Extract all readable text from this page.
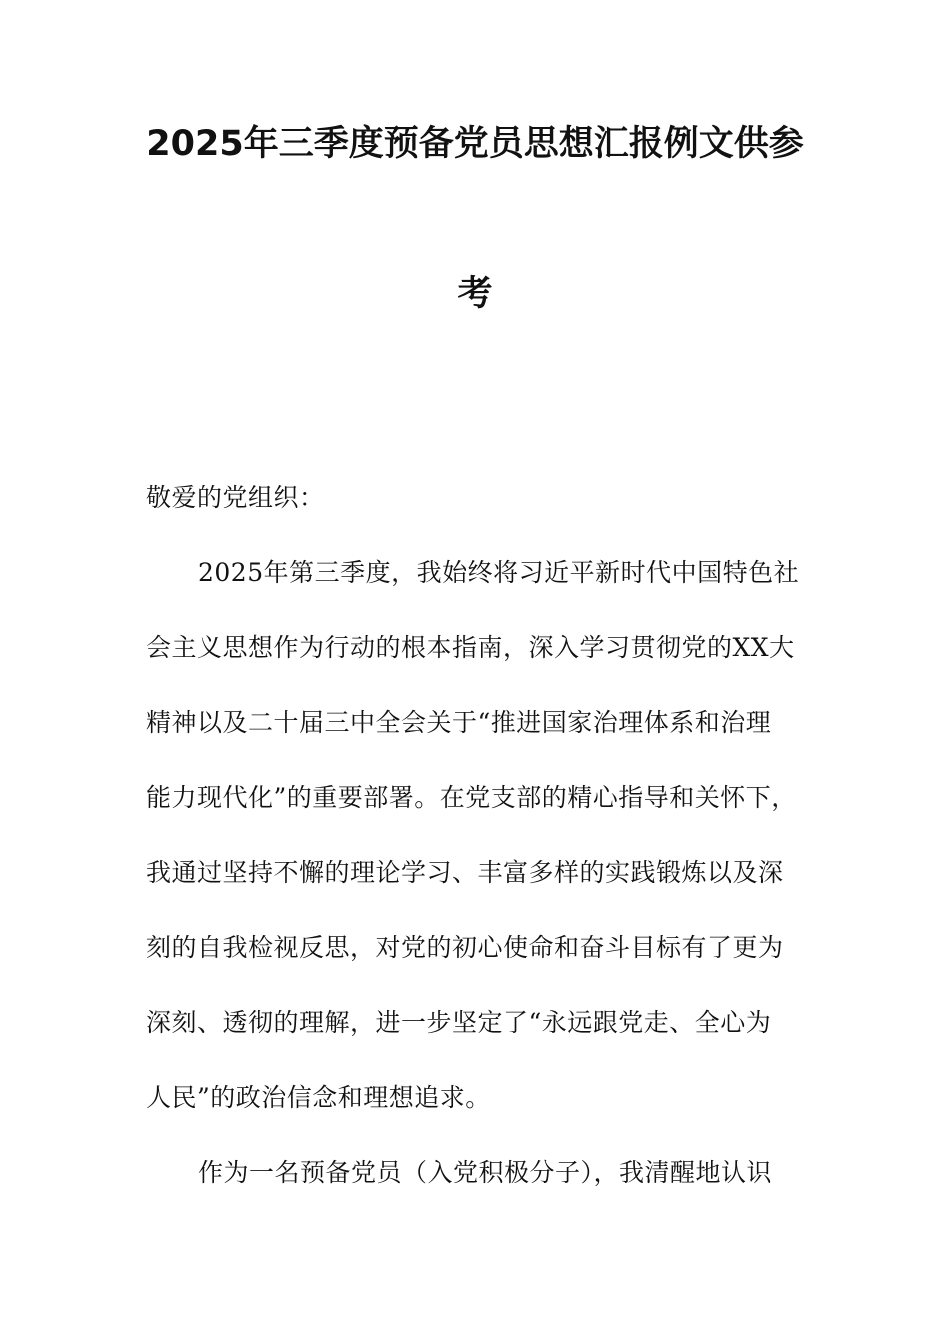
2025年三季度预备党员思想汇报例文供参
考

敬爱的党组织：

2025年第三季度，我始终将习近平新时代中国特色社

会主义思想作为行动的根本指南，深入学习贯彻党的XX大

精神以及二十届三中全会关于“推进国家治理体系和治理

能力现代化”的重要部署。在党支部的精心指导和关怀下，

我通过坚持不懈的理论学习、丰富多样的实践锻炼以及深

刻的自我检视反思，对党的初心使命和奋斗目标有了更为

深刻、透彻的理解，进一步坚定了“永远跟党走、全心为

人民”的政治信念和理想追求。

作为一名预备党员（入党积极分子），我清醒地认识
